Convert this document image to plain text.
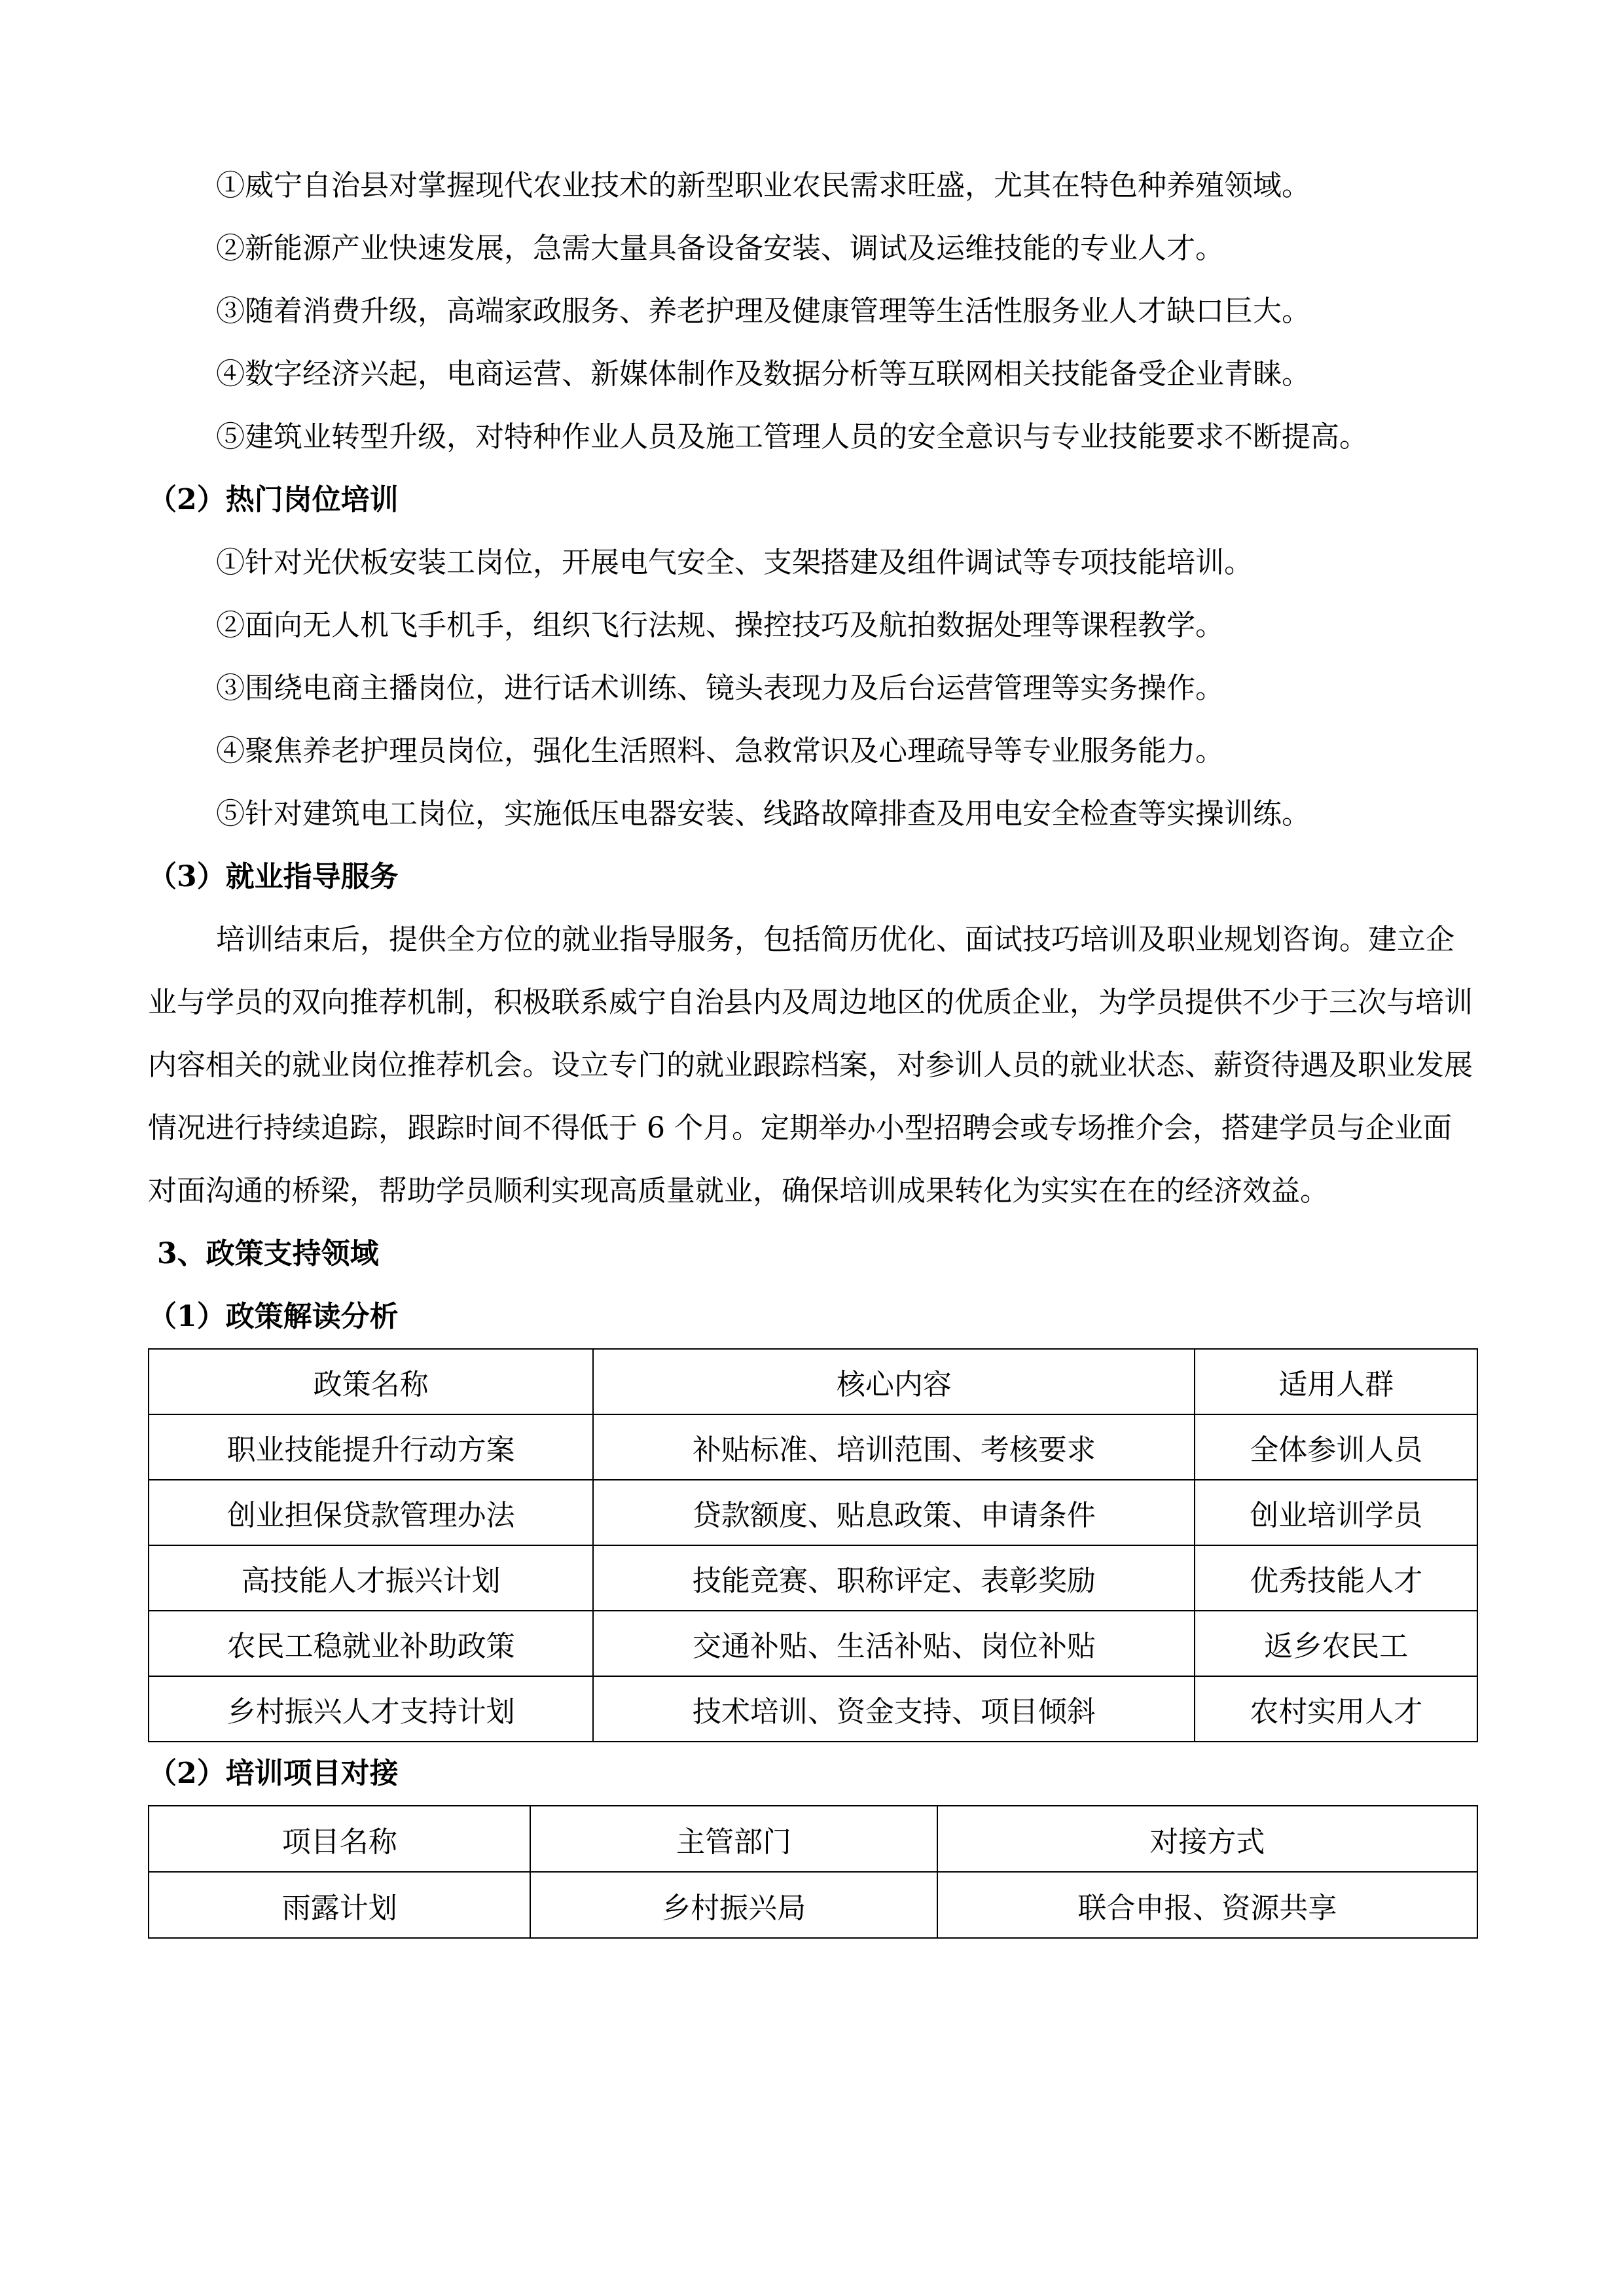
①威宁自治县对掌握现代农业技术的新型职业农民需求旺盛，尤其在特色种养殖领域。

②新能源产业快速发展，急需大量具备设备安装、调试及运维技能的专业人才。

③随着消费升级，高端家政服务、养老护理及健康管理等生活性服务业人才缺口巨大。

④数字经济兴起，电商运营、新媒体制作及数据分析等互联网相关技能备受企业青睐。

⑤建筑业转型升级，对特种作业人员及施工管理人员的安全意识与专业技能要求不断提高。

（2）热门岗位培训

①针对光伏板安装工岗位，开展电气安全、支架搭建及组件调试等专项技能培训。

②面向无人机飞手机手，组织飞行法规、操控技巧及航拍数据处理等课程教学。

③围绕电商主播岗位，进行话术训练、镜头表现力及后台运营管理等实务操作。

④聚焦养老护理员岗位，强化生活照料、急救常识及心理疏导等专业服务能力。

⑤针对建筑电工岗位，实施低压电器安装、线路故障排查及用电安全检查等实操训练。

（3）就业指导服务

培训结束后，提供全方位的就业指导服务，包括简历优化、面试技巧培训及职业规划咨询。建立企业与学员的双向推荐机制，积极联系威宁自治县内及周边地区的优质企业，为学员提供不少于三次与培训内容相关的就业岗位推荐机会。设立专门的就业跟踪档案，对参训人员的就业状态、薪资待遇及职业发展情况进行持续追踪，跟踪时间不得低于 6 个月。定期举办小型招聘会或专场推介会，搭建学员与企业面对面沟通的桥梁，帮助学员顺利实现高质量就业，确保培训成果转化为实实在在的经济效益。

3、政策支持领域

（1）政策解读分析

政策名称	核心内容	适用人群
职业技能提升行动方案	补贴标准、培训范围、考核要求	全体参训人员
创业担保贷款管理办法	贷款额度、贴息政策、申请条件	创业培训学员
高技能人才振兴计划	技能竞赛、职称评定、表彰奖励	优秀技能人才
农民工稳就业补助政策	交通补贴、生活补贴、岗位补贴	返乡农民工
乡村振兴人才支持计划	技术培训、资金支持、项目倾斜	农村实用人才

（2）培训项目对接

项目名称	主管部门	对接方式
雨露计划	乡村振兴局	联合申报、资源共享
